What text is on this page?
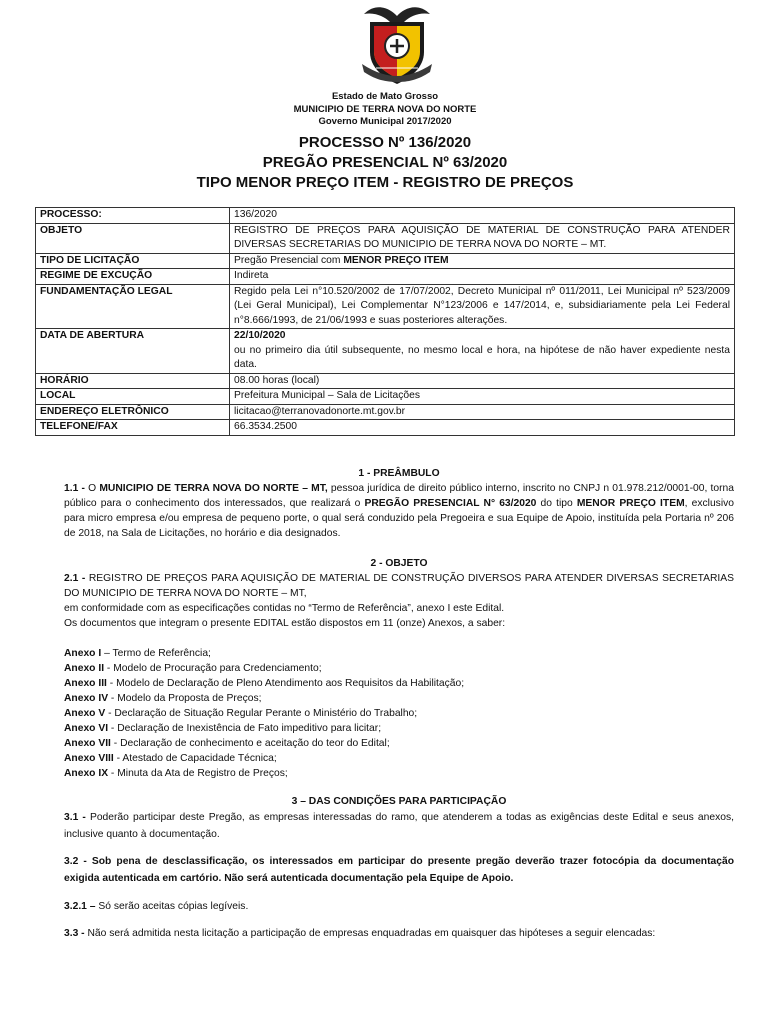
Estado de Mato Grosso
MUNICIPIO DE TERRA NOVA DO NORTE
Governo Municipal 2017/2020
PROCESSO Nº 136/2020
PREGÃO PRESENCIAL Nº 63/2020
TIPO MENOR PREÇO ITEM - REGISTRO DE PREÇOS
PROCESSO:	136/2020
OBJETO	REGISTRO DE PREÇOS PARA AQUISIÇÃO DE MATERIAL DE CONSTRUÇÃO PARA ATENDER DIVERSAS SECRETARIAS DO MUNICIPIO DE TERRA NOVA DO NORTE – MT.
TIPO DE LICITAÇÃO	Pregão Presencial com MENOR PREÇO ITEM
REGIME DE EXCUÇÃO	Indireta
FUNDAMENTAÇÃO LEGAL	Regido pela Lei n°10.520/2002 de 17/07/2002, Decreto Municipal nº 011/2011, Lei Municipal nº 523/2009 (Lei Geral Municipal), Lei Complementar N°123/2006 e 147/2014, e, subsidiariamente pela Lei Federal n°8.666/1993, de 21/06/1993 e suas posteriores alterações.
DATA DE ABERTURA	22/10/2020
ou no primeiro dia útil subsequente, no mesmo local e hora, na hipótese de não haver expediente nesta data.

HORÁRIO	08.00 horas (local)
LOCAL	Prefeitura Municipal – Sala de Licitações
ENDEREÇO ELETRÔNICO	licitacao@terranovadonorte.mt.gov.br
TELEFONE/FAX	66.3534.2500
1 - PREÂMBULO

1.1 - O MUNICIPIO DE TERRA NOVA DO NORTE – MT, pessoa jurídica de direito público interno, inscrito no CNPJ n 01.978.212/0001-00, torna público para o conhecimento dos interessados, que realizará o PREGÃO PRESENCIAL N° 63/2020 do tipo MENOR PREÇO ITEM, exclusivo para micro empresa e/ou empresa de pequeno porte, o qual será conduzido pela Pregoeira e sua Equipe de Apoio, instituída pela Portaria nº 206 de 2018, na Sala de Licitações, no horário e dia designados.

2 - OBJETO

2.1 - REGISTRO DE PREÇOS PARA AQUISIÇÃO DE MATERIAL DE CONSTRUÇÃO DIVERSOS PARA ATENDER DIVERSAS SECRETARIAS DO MUNICIPIO DE TERRA NOVA DO NORTE – MT,

em conformidade com as especificações contidas no “Termo de Referência”, anexo I este Edital.

Os documentos que integram o presente EDITAL estão dispostos em 11 (onze) Anexos, a saber:

Anexo I – Termo de Referência;
Anexo II - Modelo de Procuração para Credenciamento;
Anexo III - Modelo de Declaração de Pleno Atendimento aos Requisitos da Habilitação;
Anexo IV - Modelo da Proposta de Preços;
Anexo V - Declaração de Situação Regular Perante o Ministério do Trabalho;
Anexo VI - Declaração de Inexistência de Fato impeditivo para licitar;
Anexo VII - Declaração de conhecimento e aceitação do teor do Edital;
Anexo VIII - Atestado de Capacidade Técnica;
Anexo IX - Minuta da Ata de Registro de Preços;
3 – DAS CONDIÇÕES PARA PARTICIPAÇÃO

3.1 - Poderão participar deste Pregão, as empresas interessadas do ramo, que atenderem a todas as exigências deste Edital e seus anexos, inclusive quanto à documentação.

3.2 - Sob pena de desclassificação, os interessados em participar do presente pregão deverão trazer fotocópia da documentação exigida autenticada em cartório. Não será autenticada documentação pela Equipe de Apoio.

3.2.1 – Só serão aceitas cópias legíveis.

3.3 - Não será admitida nesta licitação a participação de empresas enquadradas em quaisquer das hipóteses a seguir elencadas:
